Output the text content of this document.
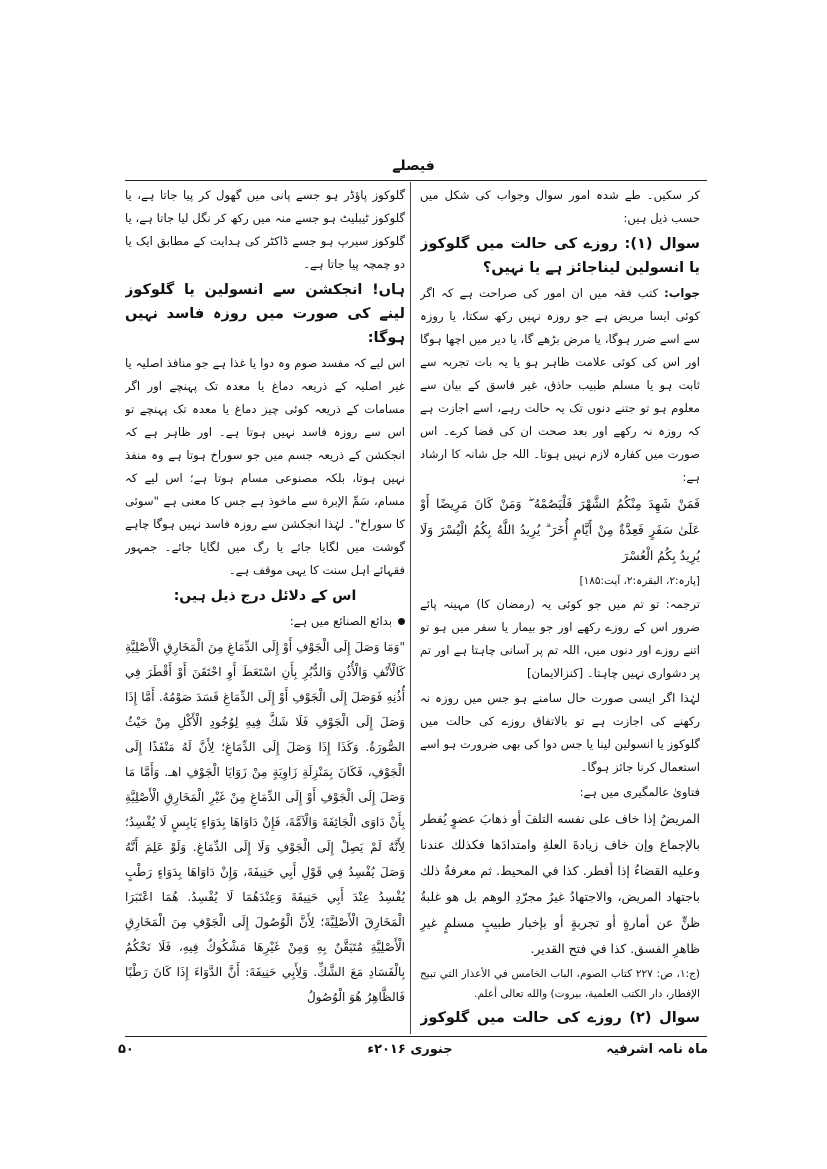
فیصلے

کر سکیں۔ طے شدہ امور سوال وجواب کی شکل میں حسب ذیل ہیں:

سوال (۱): روزے کی حالت میں گلوکوز یا انسولین لیناجائز ہے یا نہیں؟

جواب: کتب فقہ میں ان امور کی صراحت ہے کہ اگر کوئی ایسا مریض ہے جو روزہ نہیں رکھ سکتا، یا روزہ سے اسے ضرر ہوگا، یا مرض بڑھے گا، یا دیر میں اچھا ہوگا اور اس کی کوئی علامت ظاہر ہو یا یہ بات تجربہ سے ثابت ہو یا مسلم طبیب حاذق، غیر فاسق کے بیان سے معلوم ہو تو جتنے دنوں تک یہ حالت رہے، اسے اجازت ہے کہ روزہ نہ رکھے اور بعد صحت ان کی قضا کرے۔ اس صورت میں کفارہ لازم نہیں ہوتا۔ اللہ جل شانہ کا ارشاد ہے:

فَمَنْ شَهِدَ مِنْكُمُ الشَّهْرَ فَلْيَصُمْهُ ۖ وَمَنْ كَانَ مَرِيضًا أَوْ عَلَىٰ سَفَرٍ فَعِدَّةٌ مِنْ أَيَّامٍ أُخَرَ ۗ يُرِيدُ اللَّهُ بِكُمُ الْيُسْرَ وَلَا يُرِيدُ بِكُمُ الْعُسْرَ

[پارہ:۲، البقرہ:۲، آیت:۱۸۵]

ترجمہ: تو تم میں جو کوئی یہ (رمضان کا) مہینہ پائے ضرور اس کے روزے رکھے اور جو بیمار یا سفر میں ہو تو اتنے روزے اور دنوں میں، اللہ تم پر آسانی چاہتا ہے اور تم پر دشواری نہیں چاہتا۔ [کنزالایمان]

لہٰذا اگر ایسی صورت حال سامنے ہو جس میں روزہ نہ رکھنے کی اجازت ہے تو بالاتفاق روزے کی حالت میں گلوکوز یا انسولین لینا یا جس دوا کی بھی ضرورت ہو اسے استعمال کرنا جائز ہوگا۔

فتاویٰ عالمگیری میں ہے:

المريضُ إذا خاف على نفسه التلفَ أو ذهابَ عضوٍ يُفطر بالإجماع وإن خاف زيادةَ العلةِ وامتدادَها فكذلك عندنا وعليه القضاءُ إذا أفطر. كذا في المحيط. ثم معرفةُ ذلك باجتهاد المريض، والاجتهادُ غيرُ مجرّدِ الوهم بل هو غلبةُ ظنٍّ عن أمارةٍ أو تجربةٍ أو بإخبار طبيبٍ مسلمٍ غيرِ ظاهرِ الفسق. كذا في فتح القدير.

(ج:۱، ص: ۲۲۷ كتاب الصوم، الباب الخامس في الأعذار التي تبيح الإفطار، دار الكتب العلمية، بيروت) والله تعالى أعلم.

سوال (۲) روزے کی حالت میں گلوکوز

گلوکوز پاؤڈر ہو جسے پانی میں گھول کر پیا جاتا ہے، یا گلوکوز ٹیبلیٹ ہو جسے منہ میں رکھ کر نگل لیا جاتا ہے، یا گلوکوز سیرپ ہو جسے ڈاکٹر کی ہدایت کے مطابق ایک یا دو چمچہ پیا جاتا ہے۔

ہاں! انجکشن سے انسولین یا گلوکوز لینے کی صورت میں روزہ فاسد نہیں ہوگا:

اس لیے کہ مفسد صوم وہ دوا یا غذا ہے جو منافذ اصلیہ یا غیر اصلیہ کے ذریعہ دماغ یا معدہ تک پہنچے اور اگر مسامات کے ذریعہ کوئی چیز دماغ یا معدہ تک پہنچے تو اس سے روزہ فاسد نہیں ہوتا ہے۔ اور ظاہر ہے کہ انجکشن کے ذریعہ جسم میں جو سوراخ ہوتا ہے وہ منفذ نہیں ہوتا، بلکہ مصنوعی مسام ہوتا ہے؛ اس لیے کہ مسام، سَمِّ الإبرة سے ماخوذ ہے جس کا معنی ہے "سوئی کا سوراخ"۔ لہٰذا انجکشن سے روزہ فاسد نہیں ہوگا چاہے گوشت میں لگایا جائے یا رگ میں لگایا جائے۔ جمہور فقہائے اہل سنت کا یہی موقف ہے۔

اس کے دلائل درج ذیل ہیں:

بدائع الصنائع میں ہے:

"وَمَا وَصَلَ إِلَى الْجَوْفِ أَوْ إِلَى الدِّمَاغِ مِنَ الْمَخَارِقِ الْأَصْلِيَّةِ كَالْأَنْفِ وَالْأُذُنِ وَالدُّبُرِ بِأَنِ اسْتَعَطَ أَوِ احْتَقَنَ أَوْ أَقْطَرَ فِي أُذُنِهِ فَوَصَلَ إِلَى الْجَوْفِ أَوْ إِلَى الدِّمَاغِ فَسَدَ صَوْمُهُ. أَمَّا إِذَا وَصَلَ إِلَى الْجَوْفِ فَلَا شَكَّ فِيهِ لِوُجُودِ الْأَكْلِ مِنْ حَيْثُ الصُّورَةُ. وَكَذَا إِذَا وَصَلَ إِلَى الدِّمَاغِ؛ لِأَنَّ لَهُ مَنْفَذًا إِلَى الْجَوْفِ، فَكَانَ بِمَنْزِلَةِ زَاوِيَةٍ مِنْ زَوَايَا الْجَوْفِ اهـ. وَأَمَّا مَا وَصَلَ إِلَى الْجَوْفِ أَوْ إِلَى الدِّمَاغِ مِنْ غَيْرِ الْمَخَارِقِ الْأَصْلِيَّةِ بِأَنْ دَاوَى الْجَائِفَةَ وَالْآمَّةَ، فَإِنْ دَاوَاهَا بِدَوَاءٍ يَابِسٍ لَا يُفْسِدُ؛ لِأَنَّهُ لَمْ يَصِلْ إِلَى الْجَوْفِ وَلَا إِلَى الدِّمَاغِ. وَلَوْ عَلِمَ أَنَّهُ وَصَلَ يُفْسِدُ فِي قَوْلِ أَبِي حَنِيفَةَ، وَإِنْ دَاوَاهَا بِدَوَاءٍ رَطْبٍ يُفْسِدُ عِنْدَ أَبِي حَنِيفَةَ وَعِنْدَهُمَا لَا يُفْسِدُ. هُمَا اعْتَبَرَا الْمَخَارِقَ الْأَصْلِيَّةَ؛ لِأَنَّ الْوُصُولَ إِلَى الْجَوْفِ مِنَ الْمَخَارِقِ الْأَصْلِيَّةِ مُتَيَقَّنٌ بِهِ وَمِنْ غَيْرِهَا مَشْكُوكٌ فِيهِ، فَلَا نَحْكُمُ بِالْفَسَادِ مَعَ الشَّكِّ. وَلِأَبِي حَنِيفَةَ: أَنَّ الدَّوَاءَ إِذَا كَانَ رَطْبًا فَالظَّاهِرُ هُوَ الْوُصُولُ

ماہ نامہ اشرفیہ
جنوری ۲۰۱۶ء
۵۰
